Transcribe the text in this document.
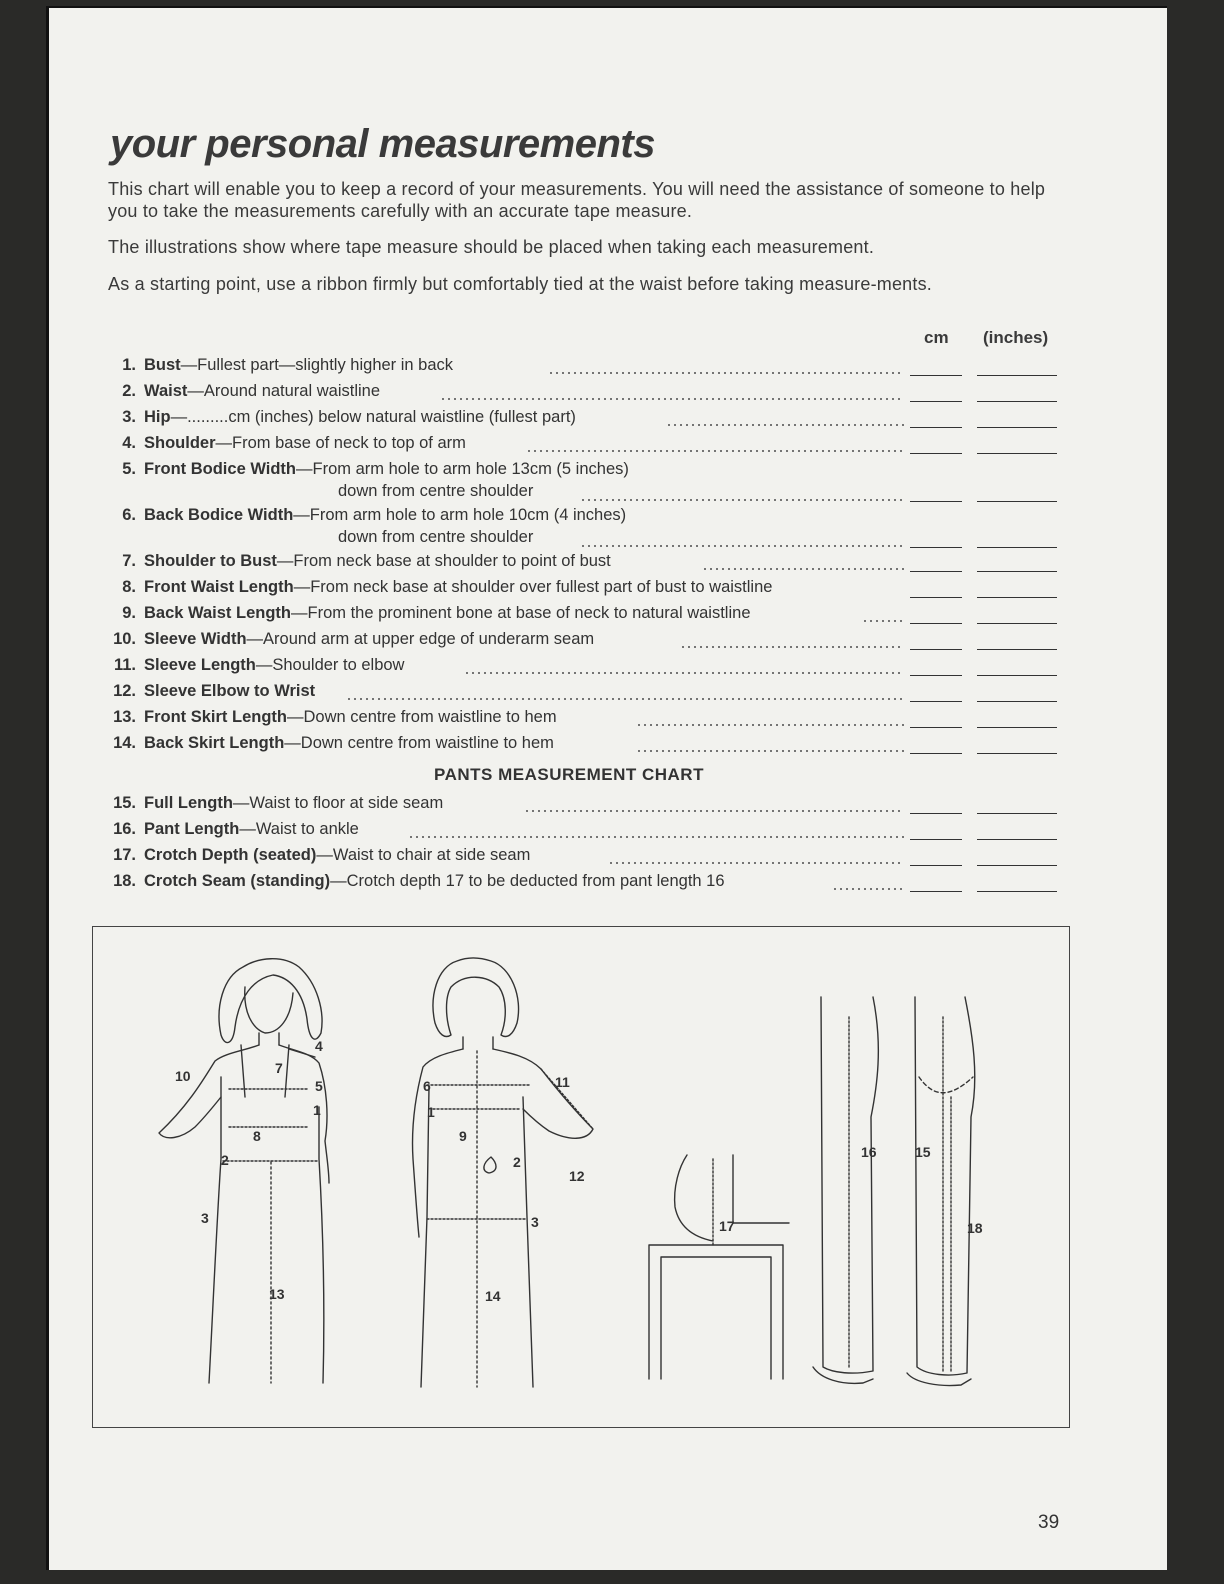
your personal measurements

This chart will enable you to keep a record of your measurements. You will need the assistance of someone to help you to take the measurements carefully with an accurate tape measure.

The illustrations show where tape measure should be placed when taking each measurement.

As a starting point, use a ribbon firmly but comfortably tied at the waist before taking measure-ments.

cm (inches)
1. Bust—Fullest part—slightly higher in back
2. Waist—Around natural waistline
3. Hip—.........cm (inches) below natural waistline (fullest part)
4. Shoulder—From base of neck to top of arm
5. Front Bodice Width—From arm hole to arm hole 13cm (5 inches)
down from centre shoulder
6. Back Bodice Width—From arm hole to arm hole 10cm (4 inches)
down from centre shoulder
7. Shoulder to Bust—From neck base at shoulder to point of bust
8. Front Waist Length—From neck base at shoulder over fullest part of bust to waistline
9. Back Waist Length—From the prominent bone at base of neck to natural waistline
10. Sleeve Width—Around arm at upper edge of underarm seam
11. Sleeve Length—Shoulder to elbow
12. Sleeve Elbow to Wrist
13. Front Skirt Length—Down centre from waistline to hem
14. Back Skirt Length—Down centre from waistline to hem

PANTS MEASUREMENT CHART

15. Full Length—Waist to floor at side seam
16. Pant Length—Waist to ankle
17. Crotch Depth (seated)—Waist to chair at side seam
18. Crotch Seam (standing)—Crotch depth 17 to be deducted from pant length 16
4
7
10
5
1
8
2
3
13
6	11
1
9
2
12
3
14
17
16	15
18
39
